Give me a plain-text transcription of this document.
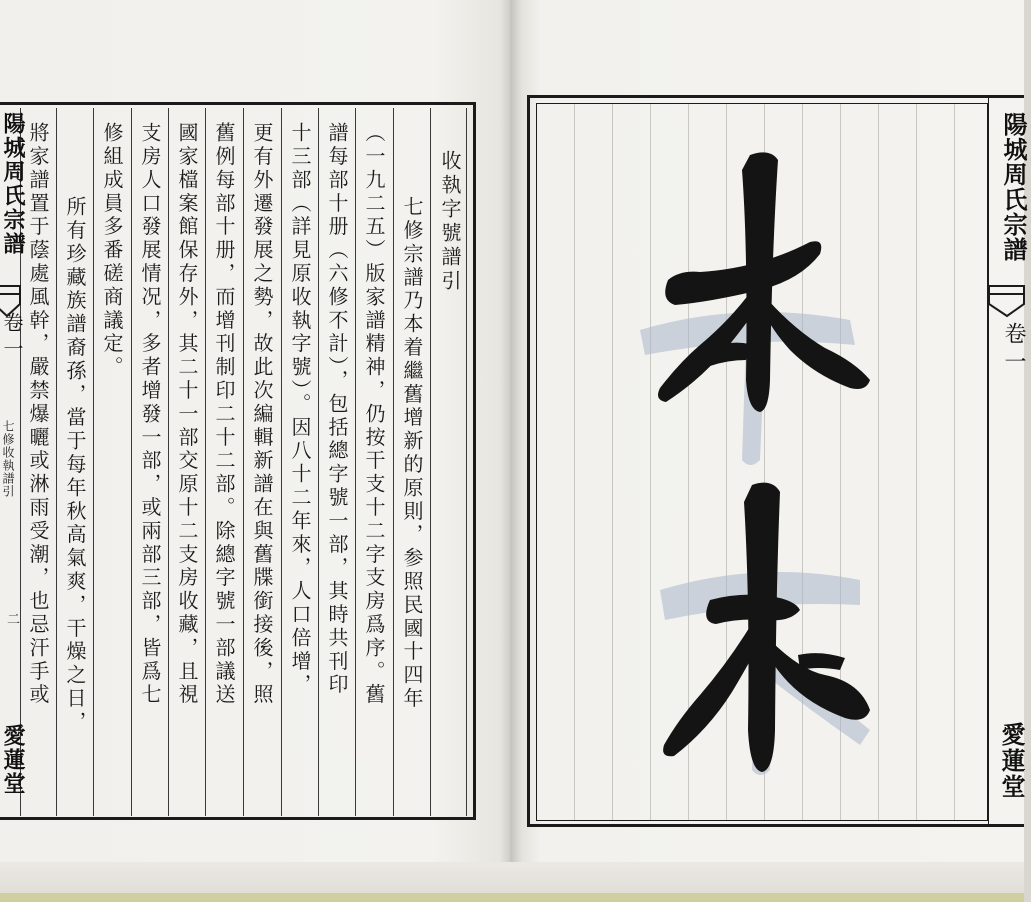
陽城周氏宗譜
卷一
七修收執譜引
二
愛蓮堂
收執字號譜引
七修宗譜乃本着繼舊增新的原則，参照民國十四年
（一九二五）版家譜精神，仍按干支十二字支房爲序。舊
譜每部十册（六修不計），包括總字號一部，其時共刊印
十三部（詳見原收執字號）。因八十二年來，人口倍增，
更有外遷發展之勢，故此次編輯新譜在與舊牒銜接後，照
舊例每部十册，而增刊制印二十二部。除總字號一部議送
國家檔案館保存外，其二十一部交原十二支房收藏，且視
支房人口發展情况，多者增發一部，或兩部三部，皆爲七
修組成員多番磋商議定。
所有珍藏族譜裔孫，當于每年秋高氣爽，干燥之日，
將家譜置于蔭處風幹，嚴禁爆曬或淋雨受潮，也忌汗手或	陽城周氏宗譜
卷一
愛蓮堂
